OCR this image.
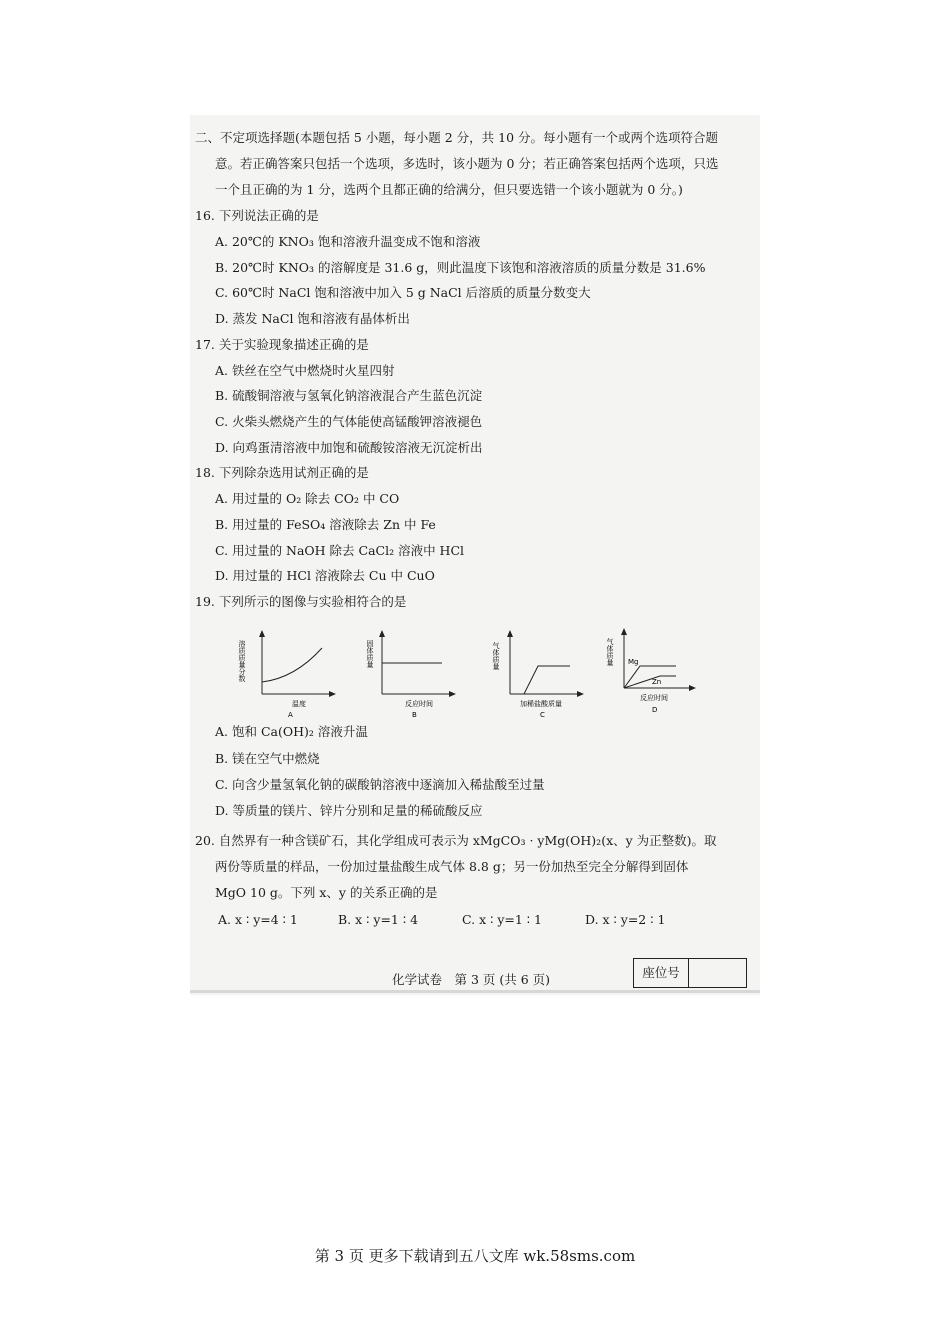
二、不定项选择题(本题包括 5 小题，每小题 2 分，共 10 分。每小题有一个或两个选项符合题
意。若正确答案只包括一个选项，多选时，该小题为 0 分；若正确答案包括两个选项，只选
一个且正确的为 1 分，选两个且都正确的给满分，但只要选错一个该小题就为 0 分。)
16. 下列说法正确的是
A. 20℃的 KNO₃ 饱和溶液升温变成不饱和溶液
B. 20℃时 KNO₃ 的溶解度是 31.6 g，则此温度下该饱和溶液溶质的质量分数是 31.6%
C. 60℃时 NaCl 饱和溶液中加入 5 g NaCl 后溶质的质量分数变大
D. 蒸发 NaCl 饱和溶液有晶体析出
17. 关于实验现象描述正确的是
A. 铁丝在空气中燃烧时火星四射
B. 硫酸铜溶液与氢氧化钠溶液混合产生蓝色沉淀
C. 火柴头燃烧产生的气体能使高锰酸钾溶液褪色
D. 向鸡蛋清溶液中加饱和硫酸铵溶液无沉淀析出
18. 下列除杂选用试剂正确的是
A. 用过量的 O₂ 除去 CO₂ 中 CO
B. 用过量的 FeSO₄ 溶液除去 Zn 中 Fe
C. 用过量的 NaOH 除去 CaCl₂ 溶液中 HCl
D. 用过量的 HCl 溶液除去 Cu 中 CuO
19. 下列所示的图像与实验相符合的是
溶质质量分数
温度
A
固体质量
反应时间
B
气体质量
加稀盐酸质量
C
气体质量 Mg
Zn
反应时间
D
A. 饱和 Ca(OH)₂ 溶液升温
B. 镁在空气中燃烧
C. 向含少量氢氧化钠的碳酸钠溶液中逐滴加入稀盐酸至过量
D. 等质量的镁片、锌片分别和足量的稀硫酸反应
20. 自然界有一种含镁矿石，其化学组成可表示为 xMgCO₃ · yMg(OH)₂(x、y 为正整数)。取
两份等质量的样品，一份加过量盐酸生成气体 8.8 g；另一份加热至完全分解得到固体
MgO 10 g。下列 x、y 的关系正确的是
A. x ∶ y=4 ∶ 1	B. x ∶ y=1 ∶ 4	C. x ∶ y=1 ∶ 1	D. x ∶ y=2 ∶ 1
化学试卷　第 3 页 (共 6 页)	座位号
第 3 页 更多下载请到五八文库 wk.58sms.com
